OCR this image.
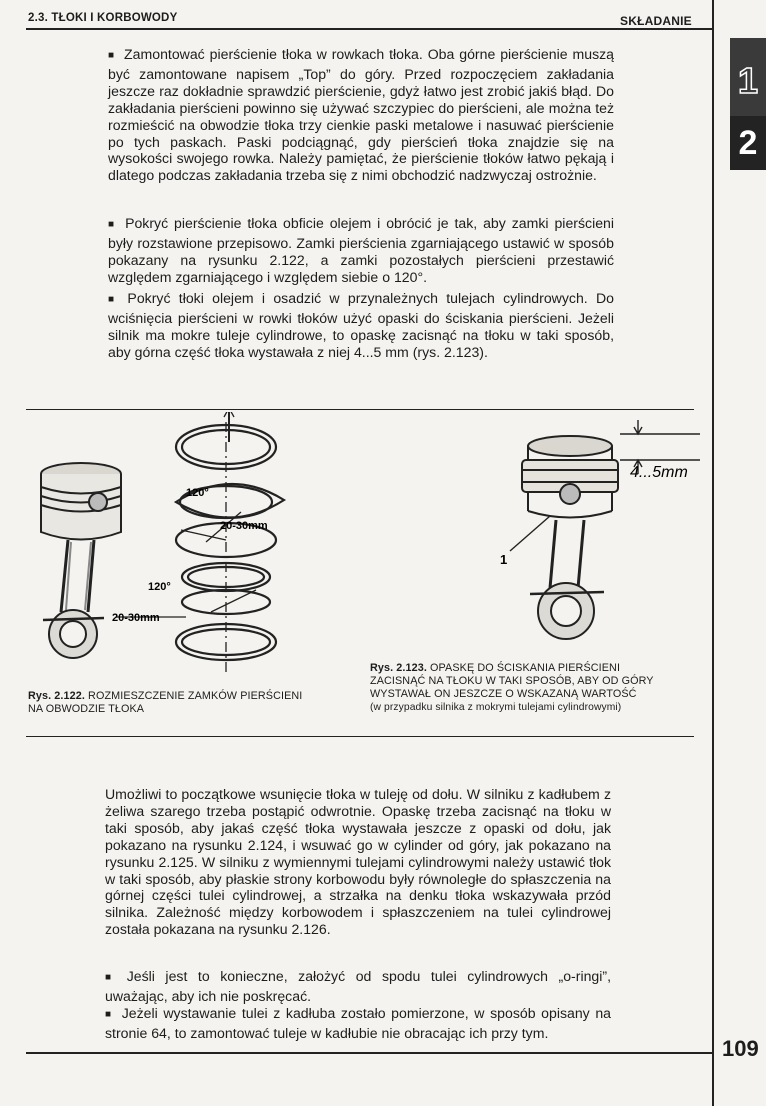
2.3. TŁOKI I KORBOWODY	SKŁADANIE
1
2

■ Zamontować pierścienie tłoka w rowkach tłoka. Oba górne pierścienie muszą być zamontowane napisem „Top” do góry. Przed rozpoczęciem zakładania jeszcze raz dokładnie sprawdzić pierścienie, gdyż łatwo jest zrobić jakiś błąd. Do zakładania pierścieni powinno się używać szczypiec do pierścieni, ale można też rozmieścić na obwodzie tłoka trzy cienkie paski metalowe i nasuwać pierścienie po tych paskach. Paski podciągnąć, gdy pierścień tłoka znajdzie się na wysokości swojego rowka. Należy pamiętać, że pierścienie tłoków łatwo pękają i dlatego podczas zakładania trzeba się z nimi obchodzić nadzwyczaj ostrożnie.

■ Pokryć pierścienie tłoka obficie olejem i obrócić je tak, aby zamki pierścieni były rozstawione przepisowo. Zamki pierścienia zgarniającego ustawić w sposób pokazany na rysunku 2.122, a zamki pozostałych pierścieni przestawić względem zgarniającego i względem siebie o 120°.

■ Pokryć tłoki olejem i osadzić w przynależnych tulejach cylindrowych. Do wciśnięcia pierścieni w rowki tłoków użyć opaski do ściskania pierścieni. Jeżeli silnik ma mokre tuleje cylindrowe, to opaskę zacisnąć na tłoku w taki sposób, aby górna część tłoka wystawała z niej 4...5 mm (rys. 2.123).

120°
20-30mm
120°
20-30mm
Rys. 2.122. ROZMIESZCZENIE ZAMKÓW PIERŚCIENI
NA OBWODZIE TŁOKA
4...5mm
1
Rys. 2.123. OPASKĘ DO ŚCISKANIA PIERŚCIENI
ZACISNĄĆ NA TŁOKU W TAKI SPOSÓB, ABY OD GÓRY
WYSTAWAŁ ON JESZCZE O WSKAZANĄ WARTOŚĆ
(w przypadku silnika z mokrymi tulejami cylindrowymi)

Umożliwi to początkowe wsunięcie tłoka w tuleję od dołu. W silniku z kadłubem z żeliwa szarego trzeba postąpić odwrotnie. Opaskę trzeba zacisnąć na tłoku w taki sposób, aby jakaś część tłoka wystawała jeszcze z opaski od dołu, jak pokazano na rysunku 2.124, i wsuwać go w cylinder od góry, jak pokazano na rysunku 2.125. W silniku z wymiennymi tulejami cylindrowymi należy ustawić tłok w taki sposób, aby płaskie strony korbowodu były równoległe do spłaszczenia na górnej części tulei cylindrowej, a strzałka na denku tłoka wskazywała przód silnika. Zależność między korbowodem i spłaszczeniem na tulei cylindrowej została pokazana na rysunku 2.126.

■ Jeśli jest to konieczne, założyć od spodu tulei cylindrowych „o-ringi”, uważając, aby ich nie poskręcać.

■ Jeżeli wystawanie tulei z kadłuba zostało pomierzone, w sposób opisany na stronie 64, to zamontować tuleje w kadłubie nie obracając ich przy tym.

109
